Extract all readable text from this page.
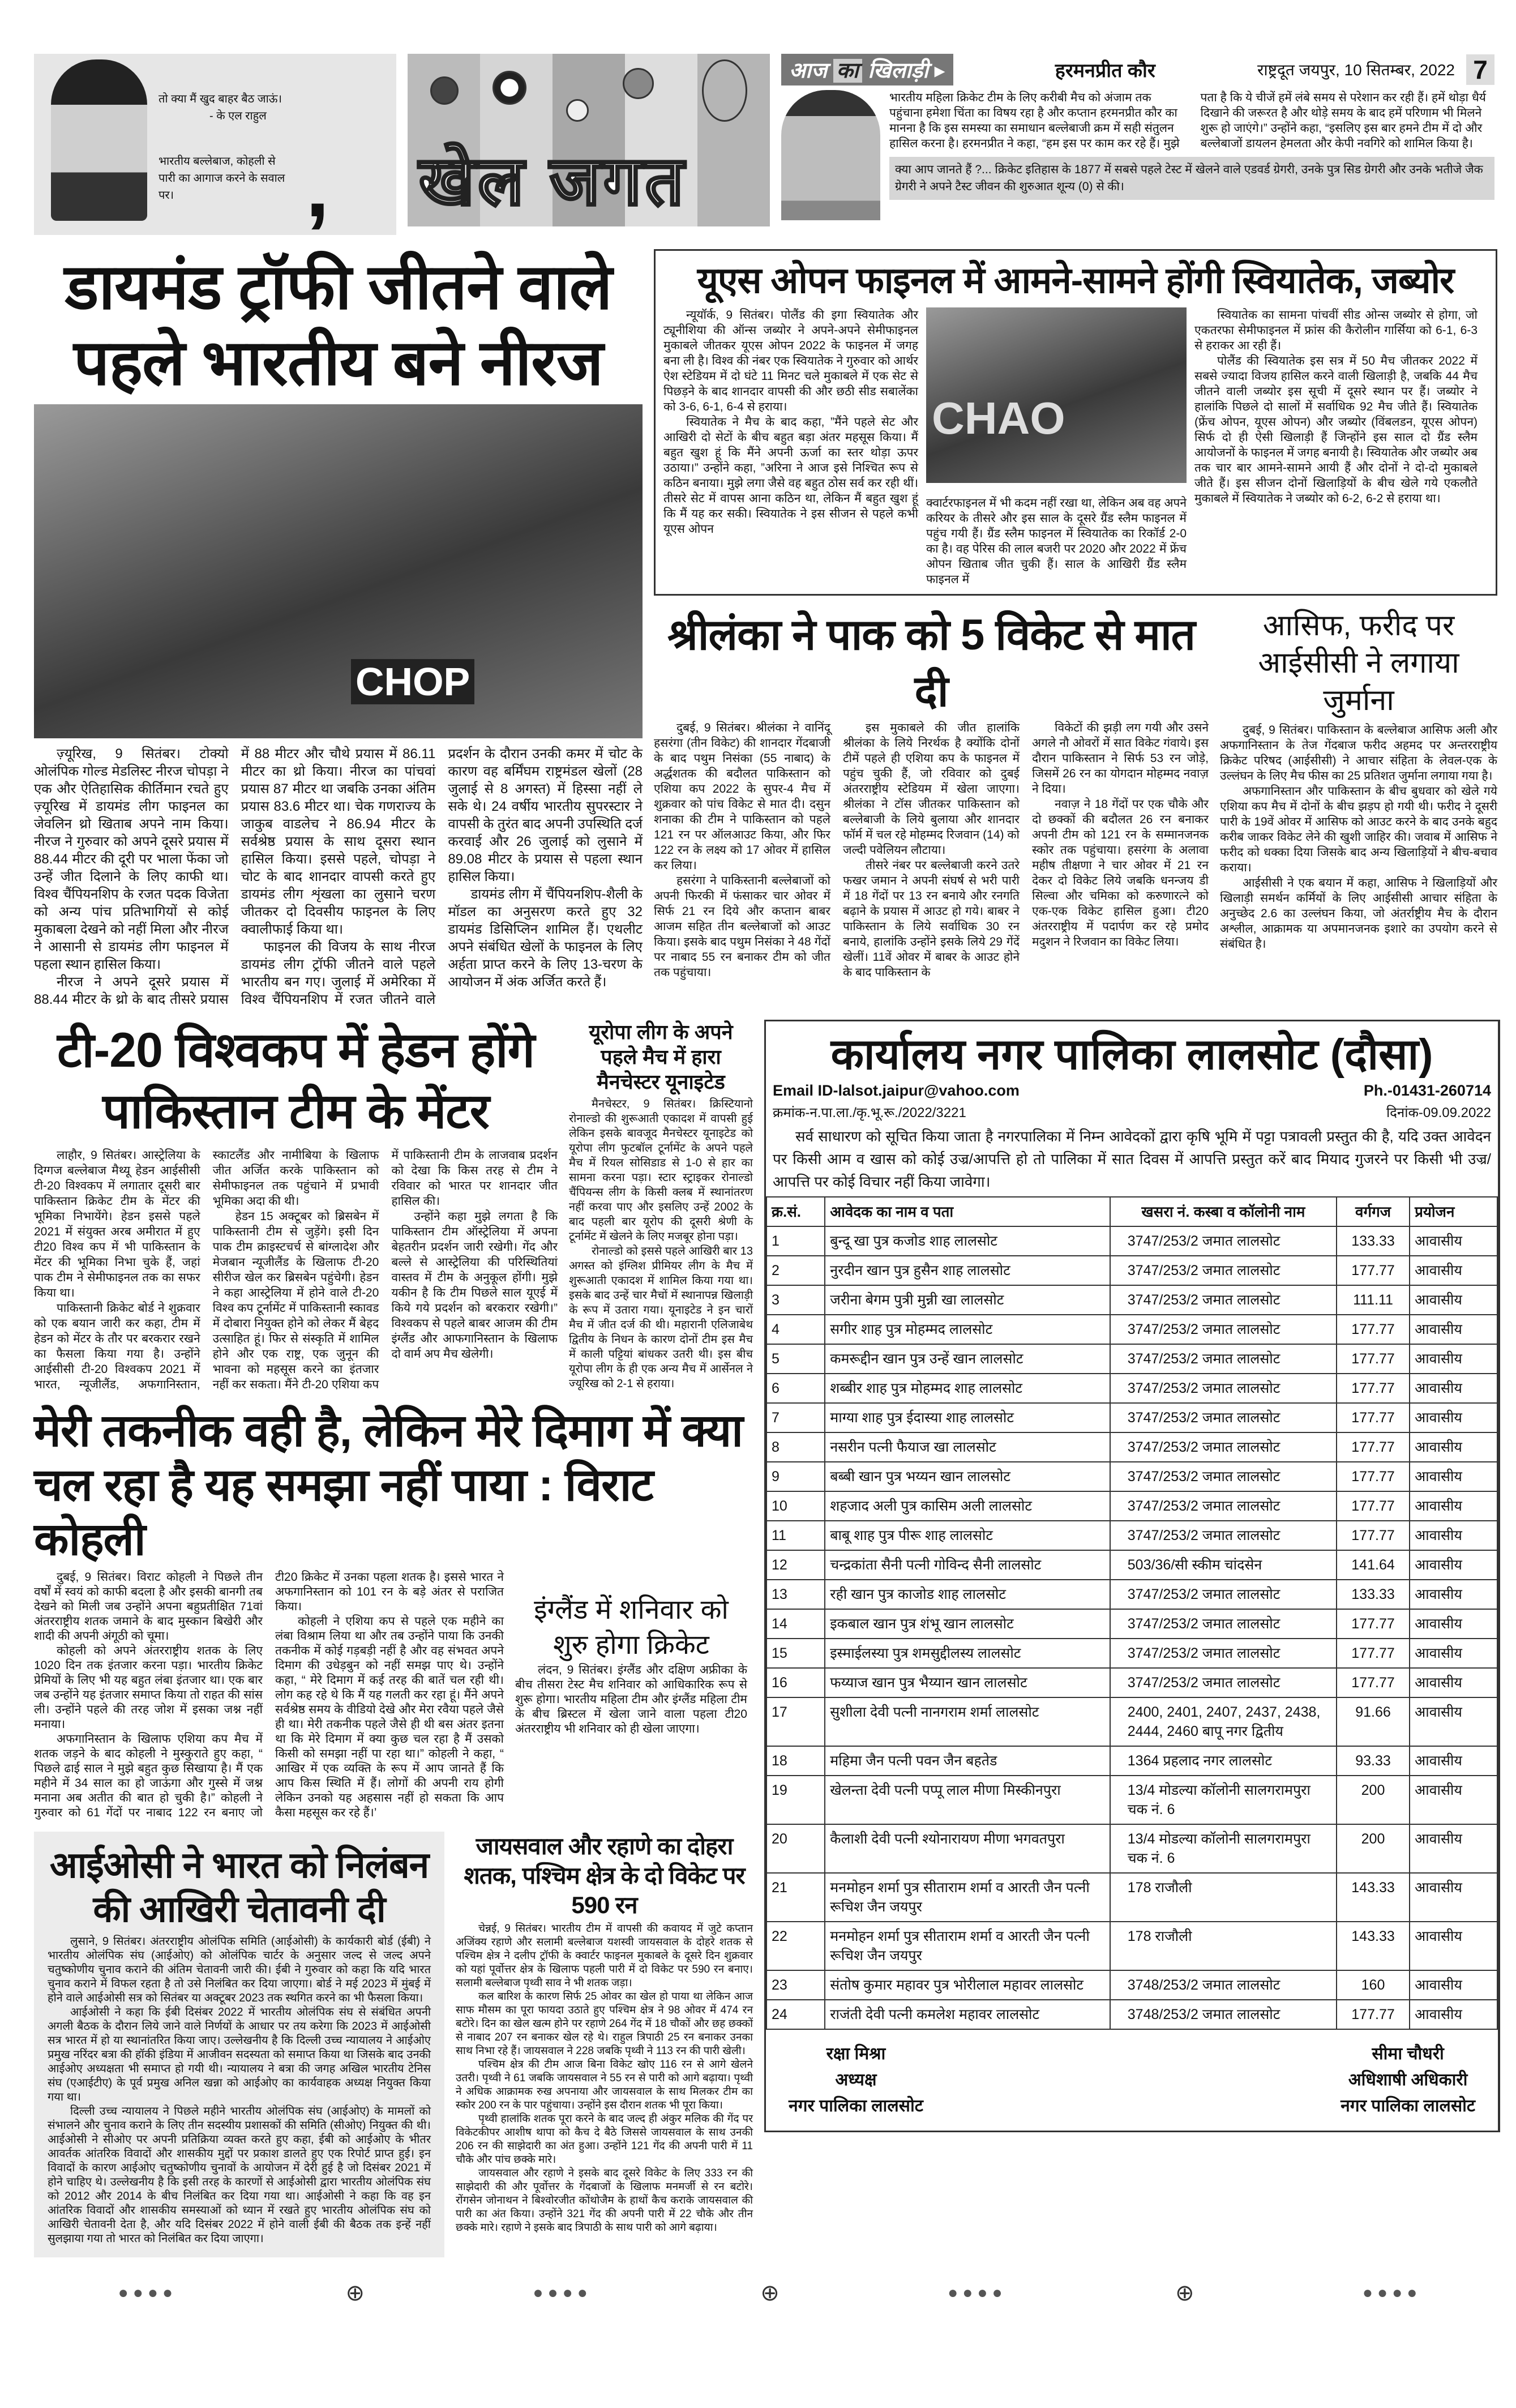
तो क्या मैं खुद बाहर बैठ जाऊं।
- के एल राहुल
भारतीय बल्लेबाज, कोहली से पारी का आगाज करने के सवाल पर।	, खेल जगत
आज का खिलाड़ी ▸	हरमनप्रीत कौर	राष्ट्रदूत जयपुर, 10 सितम्बर, 2022 7
भारतीय महिला क्रिकेट टीम के लिए करीबी मैच को अंजाम तक पहुंचाना हमेशा चिंता का विषय रहा है और कप्तान हरमनप्रीत कौर का मानना है कि इस समस्या का समाधान बल्लेबाजी क्रम में सही संतुलन हासिल करना है। हरमनप्रीत ने कहा, “हम इस पर काम कर रहे हैं। मुझे पता है कि ये चीजें हमें लंबे समय से परेशान कर रही हैं। हमें थोड़ा धैर्य दिखाने की जरूरत है और थोड़े समय के बाद हमें परिणाम भी मिलने शुरू हो जाएंगे।” उन्होंने कहा, “इसलिए इस बार हमने टीम में दो और बल्लेबाजों डायलन हेमलता और केपी नवगिरे को शामिल किया है।
क्या आप जानते हैं ?... क्रिकेट इतिहास के 1877 में सबसे पहले टेस्ट में खेलने वाले एडवर्ड ग्रेगरी, उनके पुत्र सिड ग्रेगरी और उनके भतीजे जैक ग्रेगरी ने अपने टैस्ट जीवन की शुरुआत शून्य (0) से की।
डायमंड ट्रॉफी जीतने वाले पहले भारतीय बने नीरज
CHOP

ज़्यूरिख, 9 सितंबर। टोक्यो ओलंपिक गोल्ड मेडलिस्ट नीरज चोपड़ा ने एक और ऐतिहासिक कीर्तिमान रचते हुए ज़्यूरिख में डायमंड लीग फाइनल का जेवलिन थ्रो खिताब अपने नाम किया। नीरज ने गुरुवार को अपने दूसरे प्रयास में 88.44 मीटर की दूरी पर भाला फेंका जो उन्हें जीत दिलाने के लिए काफी था। विश्व चैंपियनशिप के रजत पदक विजेता को अन्य पांच प्रतिभागियों से कोई मुकाबला देखने को नहीं मिला और नीरज ने आसानी से डायमंड लीग फाइनल में पहला स्थान हासिल किया।

नीरज ने अपने दूसरे प्रयास में 88.44 मीटर के थ्रो के बाद तीसरे प्रयास में 88 मीटर और चौथे प्रयास में 86.11 मीटर का थ्रो किया। नीरज का पांचवां प्रयास 87 मीटर था जबकि उनका अंतिम प्रयास 83.6 मीटर था। चेक गणराज्य के जाकुब वाडलेच ने 86.94 मीटर के सर्वश्रेष्ठ प्रयास के साथ दूसरा स्थान हासिल किया। इससे पहले, चोपड़ा ने चोट के बाद शानदार वापसी करते हुए डायमंड लीग शृंखला का लुसाने चरण जीतकर दो दिवसीय फाइनल के लिए क्वालीफाई किया था।

फाइनल की विजय के साथ नीरज डायमंड लीग ट्रॉफी जीतने वाले पहले भारतीय बन गए। जुलाई में अमेरिका में विश्व चैंपियनशिप में रजत जीतने वाले प्रदर्शन के दौरान उनकी कमर में चोट के कारण वह बर्मिंघम राष्ट्रमंडल खेलों (28 जुलाई से 8 अगस्त) में हिस्सा नहीं ले सके थे। 24 वर्षीय भारतीय सुपरस्टार ने वापसी के तुरंत बाद अपनी उपस्थिति दर्ज करवाई और 26 जुलाई को लुसाने में 89.08 मीटर के प्रयास से पहला स्थान हासिल किया।

डायमंड लीग में चैंपियनशिप-शैली के मॉडल का अनुसरण करते हुए 32 डायमंड डिसिप्लिन शामिल हैं। एथलीट अपने संबंधित खेलों के फाइनल के लिए अर्हता प्राप्त करने के लिए 13-चरण के आयोजन में अंक अर्जित करते हैं।

यूएस ओपन फाइनल में आमने-सामने होंगी स्वियातेक, जब्योर

न्यूयॉर्क, 9 सितंबर। पोलैंड की इगा स्वियातेक और ट्यूनीशिया की ऑन्स जब्योर ने अपने-अपने सेमीफाइनल मुकाबले जीतकर यूएस ओपन 2022 के फाइनल में जगह बना ली है। विश्व की नंबर एक स्वियातेक ने गुरुवार को आर्थर ऐश स्टेडियम में दो घंटे 11 मिनट चले मुकाबले में एक सेट से पिछड़ने के बाद शानदार वापसी की और छठी सीड सबालेंका को 3-6, 6-1, 6-4 से हराया।

स्वियातेक ने मैच के बाद कहा, ”मैंने पहले सेट और आखिरी दो सेटों के बीच बहुत बड़ा अंतर महसूस किया। मैं बहुत खुश हूं कि मैंने अपनी ऊर्जा का स्तर थोड़ा ऊपर उठाया।” उन्होंने कहा, ”अरिना ने आज इसे निश्चित रूप से कठिन बनाया। मुझे लगा जैसे वह बहुत ठोस सर्व कर रही थीं। तीसरे सेट में वापस आना कठिन था, लेकिन मैं बहुत खुश हूं कि मैं यह कर सकी। स्वियातेक ने इस सीजन से पहले कभी यूएस ओपन

CHAO
क्वार्टरफाइनल में भी कदम नहीं रखा था, लेकिन अब वह अपने करियर के तीसरे और इस साल के दूसरे ग्रैंड स्लैम फाइनल में पहुंच गयी हैं। ग्रैंड स्लैम फाइनल में स्वियातेक का रिकॉर्ड 2-0 का है। वह पेरिस की लाल बजरी पर 2020 और 2022 में फ्रेंच ओपन खिताब जीत चुकी हैं। साल के आखिरी ग्रैंड स्लैम फाइनल में

स्वियातेक का सामना पांचवीं सीड ओन्स जब्योर से होगा, जो एकतरफा सेमीफाइनल में फ्रांस की कैरोलीन गार्सिया को 6-1, 6-3 से हराकर आ रही हैं।

पोलैंड की स्वियातेक इस सत्र में 50 मैच जीतकर 2022 में सबसे ज्यादा विजय हासिल करने वाली खिलाड़ी है, जबकि 44 मैच जीतने वाली जब्योर इस सूची में दूसरे स्थान पर हैं। जब्योर ने हालांकि पिछले दो सालों में सर्वाधिक 92 मैच जीते हैं। स्वियातेक (फ्रेंच ओपन, यूएस ओपन) और जब्योर (विंबलडन, यूएस ओपन) सिर्फ दो ही ऐसी खिलाड़ी हैं जिन्होंने इस साल दो ग्रैंड स्लैम आयोजनों के फाइनल में जगह बनायी है। स्वियातेक और जब्योर अब तक चार बार आमने-सामने आयी हैं और दोनों ने दो-दो मुकाबले जीते हैं। इस सीजन दोनों खिलाड़ियों के बीच खेले गये एकलौते मुकाबले में स्वियातेक ने जब्योर को 6-2, 6-2 से हराया था।

श्रीलंका ने पाक को 5 विकेट से मात दी

दुबई, 9 सितंबर। श्रीलंका ने वानिंदू हसरंगा (तीन विकेट) की शानदार गेंदबाजी के बाद पथुम निसंका (55 नाबाद) के अर्द्धशतक की बदौलत पाकिस्तान को एशिया कप 2022 के सुपर-4 मैच में शुक्रवार को पांच विकेट से मात दी। दसुन शनाका की टीम ने पाकिस्तान को पहले 121 रन पर ऑलआउट किया, और फिर 122 रन के लक्ष्य को 17 ओवर में हासिल कर लिया।

हसरंगा ने पाकिस्तानी बल्लेबाजों को अपनी फिरकी में फंसाकर चार ओवर में सिर्फ 21 रन दिये और कप्तान बाबर आजम सहित तीन बल्लेबाजों को आउट किया। इसके बाद पथुम निसंका ने 48 गेंदों पर नाबाद 55 रन बनाकर टीम को जीत तक पहुंचाया।

इस मुकाबले की जीत हालांकि श्रीलंका के लिये निरर्थक है क्योंकि दोनों टीमें पहले ही एशिया कप के फाइनल में पहुंच चुकी हैं, जो रविवार को दुबई अंतरराष्ट्रीय स्टेडियम में खेला जाएगा। श्रीलंका ने टॉस जीतकर पाकिस्तान को बल्लेबाजी के लिये बुलाया और शानदार फॉर्म में चल रहे मोहम्मद रिजवान (14) को जल्दी पवेलियन लौटाया।

तीसरे नंबर पर बल्लेबाजी करने उतरे फखर जमान ने अपनी संघर्ष से भरी पारी में 18 गेंदों पर 13 रन बनाये और रनगति बढ़ाने के प्रयास में आउट हो गये। बाबर ने पाकिस्तान के लिये सर्वाधिक 30 रन बनाये, हालांकि उन्होंने इसके लिये 29 गेंदें खेलीं। 11वें ओवर में बाबर के आउट होने के बाद पाकिस्तान के

विकेटों की झड़ी लग गयी और उसने अगले नौ ओवरों में सात विकेट गंवाये। इस दौरान पाकिस्तान ने सिर्फ 53 रन जोड़े, जिसमें 26 रन का योगदान मोहम्मद नवाज़ ने दिया।

नवाज़ ने 18 गेंदों पर एक चौके और दो छक्कों की बदौलत 26 रन बनाकर अपनी टीम को 121 रन के सम्मानजनक स्कोर तक पहुंचाया। हसरंगा के अलावा महीष तीक्षणा ने चार ओवर में 21 रन देकर दो विकेट लिये जबकि धनन्जय डी सिल्वा और चमिका को करुणारत्ने को एक-एक विकेट हासिल हुआ। टी20 अंतरराष्ट्रीय में पदार्पण कर रहे प्रमोद मदुशन ने रिजवान का विकेट लिया।

आसिफ, फरीद पर आईसीसी ने लगाया जुर्माना

दुबई, 9 सितंबर। पाकिस्तान के बल्लेबाज आसिफ अली और अफगानिस्तान के तेज गेंदबाज फरीद अहमद पर अन्तरराष्ट्रीय क्रिकेट परिषद (आईसीसी) ने आचार संहिता के लेवल-एक के उल्लंघन के लिए मैच फीस का 25 प्रतिशत जुर्माना लगाया गया है।

अफगानिस्तान और पाकिस्तान के बीच बुधवार को खेले गये एशिया कप मैच में दोनों के बीच झड़प हो गयी थी। फरीद ने दूसरी पारी के 19वें ओवर में आसिफ को आउट करने के बाद उनके बहुद करीब जाकर विकेट लेने की खुशी जाहिर की। जवाब में आसिफ ने फरीद को धक्का दिया जिसके बाद अन्य खिलाड़ियों ने बीच-बचाव कराया।

आईसीसी ने एक बयान में कहा, आसिफ ने खिलाड़ियों और खिलाड़ी समर्थन कर्मियों के लिए आईसीसी आचार संहिता के अनुच्छेद 2.6 का उल्लंघन किया, जो अंतर्राष्ट्रीय मैच के दौरान अश्लील, आक्रामक या अपमानजनक इशारे का उपयोग करने से संबंधित है।

टी-20 विश्वकप में हेडन होंगे पाकिस्तान टीम के मेंटर

लाहौर, 9 सितंबर। आस्ट्रेलिया के दिग्गज बल्लेबाज मैथ्यू हेडन आईसीसी टी-20 विश्वकप में लगातार दूसरी बार पाकिस्तान क्रिकेट टीम के मेंटर की भूमिका निभायेंगे। हेडन इससे पहले 2021 में संयुक्त अरब अमीरात में हुए टी20 विश्व कप में भी पाकिस्तान के मेंटर की भूमिका निभा चुके हैं, जहां पाक टीम ने सेमीफाइनल तक का सफर किया था।

पाकिस्तानी क्रिकेट बोर्ड ने शुक्रवार को एक बयान जारी कर कहा, टीम में हेडन को मेंटर के तौर पर बरकरार रखने का फैसला किया गया है। उन्होंने आईसीसी टी-20 विश्वकप 2021 में भारत, न्यूजीलैंड, अफगानिस्तान, स्काटलैंड और नामीबिया के खिलाफ जीत अर्जित करके पाकिस्तान को सेमीफाइनल तक पहुंचाने में प्रभावी भूमिका अदा की थी।

हेडन 15 अक्टूबर को ब्रिसबेन में पाकिस्तानी टीम से जुड़ेंगे। इसी दिन पाक टीम क्राइस्टचर्च से बांग्लादेश और मेजबान न्यूजीलैंड के खिलाफ टी-20 सीरीज खेल कर ब्रिसबेन पहुंचेगी। हेडन ने कहा आस्ट्रेलिया में होने वाले टी-20 विश्व कप टूर्नामेंट में पाकिस्तानी स्कावड में दोबारा नियुक्त होने को लेकर मैं बेहद उत्साहित हूं। फिर से संस्कृति में शामिल होने और एक राष्ट्र, एक जुनून की भावना को महसूस करने का इंतजार नहीं कर सकता। मैंने टी-20 एशिया कप में पाकिस्तानी टीम के लाजवाब प्रदर्शन को देखा कि किस तरह से टीम ने रविवार को भारत पर शानदार जीत हासिल की।

उन्होंने कहा मुझे लगता है कि पाकिस्तान टीम ऑस्ट्रेलिया में अपना बेहतरीन प्रदर्शन जारी रखेगी। गेंद और बल्ले से आस्ट्रेलिया की परिस्थितियां वास्तव में टीम के अनुकूल होंगी। मुझे यकीन है कि टीम पिछले साल यूएई में किये गये प्रदर्शन को बरकरार रखेगी।” विश्वकप से पहले बाबर आजम की टीम इंग्लैंड और आफगानिस्तान के खिलाफ दो वार्म अप मैच खेलेगी।

यूरोपा लीग के अपने पहले मैच में हारा मैनचेस्टर यूनाइटेड

मैनचेस्टर, 9 सितंबर। क्रिस्टियानो रोनाल्डो की शुरूआती एकादश में वापसी हुई लेकिन इसके बावजूद मैनचेस्टर यूनाइटेड को यूरोपा लीग फुटबॉल टूर्नामेंट के अपने पहले मैच में रियल सोसिडाड से 1-0 से हार का सामना करना पड़ा। स्टार स्ट्राइकर रोनाल्डो चैंपियन्स लीग के किसी क्लब में स्थानांतरण नहीं करवा पाए और इसलिए उन्हें 2002 के बाद पहली बार यूरोप की दूसरी श्रेणी के टूर्नामेंट में खेलने के लिए मजबूर होना पड़ा।

रोनाल्डो को इससे पहले आखिरी बार 13 अगस्त को इंग्लिश प्रीमियर लीग के मैच में शुरूआती एकादश में शामिल किया गया था। इसके बाद उन्हें चार मैचों में स्थानापन्न खिलाड़ी के रूप में उतारा गया। यूनाइटेड ने इन चारों मैच में जीत दर्ज की थी। महारानी एलिजाबेथ द्वितीय के निधन के कारण दोनों टीम इस मैच में काली पट्टियां बांधकर उतरी थी। इस बीच यूरोपा लीग के ही एक अन्य मैच में आर्सेनल ने ज्यूरिख को 2-1 से हराया।

मेरी तकनीक वही है, लेकिन मेरे दिमाग में क्या चल रहा है यह समझा नहीं पाया : विराट कोहली

दुबई, 9 सितंबर। विराट कोहली ने पिछले तीन वर्षों में स्वयं को काफी बदला है और इसकी बानगी तब देखने को मिली जब उन्होंने अपना बहुप्रतीक्षित 71वां अंतरराष्ट्रीय शतक जमाने के बाद मुस्कान बिखेरी और शादी की अपनी अंगूठी को चूमा।

कोहली को अपने अंतरराष्ट्रीय शतक के लिए 1020 दिन तक इंतजार करना पड़ा। भारतीय क्रिकेट प्रेमियों के लिए भी यह बहुत लंबा इंतजार था। एक बार जब उन्होंने यह इंतजार समाप्त किया तो राहत की सांस ली। उन्होंने पहले की तरह जोश में इसका जश्न नहीं मनाया।

अफगानिस्तान के खिलाफ एशिया कप मैच में शतक जड़ने के बाद कोहली ने मुस्कुराते हुए कहा, “ पिछले ढाई साल ने मुझे बहुत कुछ सिखाया है। मैं एक महीने में 34 साल का हो जाऊंगा और गुस्से में जश्न मनाना अब अतीत की बात हो चुकी है।” कोहली ने गुरुवार को 61 गेंदों पर नाबाद 122 रन बनाए जो टी20 क्रिकेट में उनका पहला शतक है। इससे भारत ने अफगानिस्तान को 101 रन के बड़े अंतर से पराजित किया।

कोहली ने एशिया कप से पहले एक महीने का लंबा विश्राम लिया था और तब उन्होंने पाया कि उनकी तकनीक में कोई गड़बड़ी नहीं है और वह संभवत अपने दिमाग की उधेड़बुन को नहीं समझ पाए थे। उन्होंने कहा, “ मेरे दिमाग में कई तरह की बातें चल रही थी। लोग कह रहे थे कि मैं यह गलती कर रहा हूं। मैंने अपने सर्वश्रेष्ठ समय के वीडियो देखे और मेरा रवैया पहले जैसे ही था। मेरी तकनीक पहले जैसे ही थी बस अंतर इतना था कि मेरे दिमाग में क्या कुछ चल रहा है मैं उसको किसी को समझा नहीं पा रहा था।” कोहली ने कहा, “ आखिर में एक व्यक्ति के रूप में आप जानते हैं कि आप किस स्थिति में हैं। लोगों की अपनी राय होगी लेकिन उनको यह अहसास नहीं हो सकता कि आप कैसा महसूस कर रहे हैं।’

इंग्लैंड में शनिवार को शुरु होगा क्रिकेट
लंदन, 9 सितंबर। इंग्लैंड और दक्षिण अफ्रीका के बीच तीसरा टेस्ट मैच शनिवार को आधिकारिक रूप से शुरू होगा। भारतीय महिला टीम और इंग्लैंड महिला टीम के बीच ब्रिस्टल में खेला जाने वाला पहला टी20 अंतरराष्ट्रीय भी शनिवार को ही खेला जाएगा।
आईओसी ने भारत को निलंबन की आखिरी चेतावनी दी

लुसाने, 9 सितंबर। अंतरराष्ट्रीय ओलंपिक समिति (आईओसी) के कार्यकारी बोर्ड (ईबी) ने भारतीय ओलंपिक संघ (आईओए) को ओलंपिक चार्टर के अनुसार जल्द से जल्द अपने चतुष्कोणीय चुनाव कराने की अंतिम चेतावनी जारी की। ईबी ने गुरुवार को कहा कि यदि भारत चुनाव कराने में विफल रहता है तो उसे निलंबित कर दिया जाएगा। बोर्ड ने मई 2023 में मुंबई में होने वाले आईओसी सत्र को सितंबर या अक्टूबर 2023 तक स्थगित करने का भी फैसला किया।

आईओसी ने कहा कि ईबी दिसंबर 2022 में भारतीय ओलंपिक संघ से संबंधित अपनी अगली बैठक के दौरान लिये जाने वाले निर्णयों के आधार पर तय करेगा कि 2023 में आईओसी सत्र भारत में हो या स्थानांतरित किया जाए। उल्लेखनीय है कि दिल्ली उच्च न्यायालय ने आईओए प्रमुख नरिंदर बत्रा की हॉकी इंडिया में आजीवन सदस्यता को समाप्त किया था जिसके बाद उनकी आईओए अध्यक्षता भी समाप्त हो गयी थी। न्यायालय ने बत्रा की जगह अखिल भारतीय टेनिस संघ (एआईटीए) के पूर्व प्रमुख अनिल खन्ना को आईओए का कार्यवाहक अध्यक्ष नियुक्त किया गया था।

दिल्ली उच्च न्यायालय ने पिछले महीने भारतीय ओलंपिक संघ (आईओए) के मामलों को संभालने और चुनाव कराने के लिए तीन सदस्यीय प्रशासकों की समिति (सीओए) नियुक्त की थी। आईओसी ने सीओए पर अपनी प्रतिक्रिया व्यक्त करते हुए कहा, ईबी को आईओए के भीतर आवर्तक आंतरिक विवादों और शासकीय मुद्दों पर प्रकाश डालते हुए एक रिपोर्ट प्राप्त हुई। इन विवादों के कारण आईओए चतुष्कोणीय चुनावों के आयोजन में देरी हुई है जो दिसंबर 2021 में होने चाहिए थे। उल्लेखनीय है कि इसी तरह के कारणों से आईओसी द्वारा भारतीय ओलंपिक संघ को 2012 और 2014 के बीच निलंबित कर दिया गया था। आईओसी ने कहा कि वह इन आंतरिक विवादों और शासकीय समस्याओं को ध्यान में रखते हुए भारतीय ओलंपिक संघ को आखिरी चेतावनी देता है, और यदि दिसंबर 2022 में होने वाली ईबी की बैठक तक इन्हें नहीं सुलझाया गया तो भारत को निलंबित कर दिया जाएगा।

जायसवाल और रहाणे का दोहरा शतक, पश्चिम क्षेत्र के दो विकेट पर 590 रन

चेन्नई, 9 सितंबर। भारतीय टीम में वापसी की कवायद में जुटे कप्तान अजिंक्य रहाणे और सलामी बल्लेबाज यशस्वी जायसवाल के दोहरे शतक से पश्चिम क्षेत्र ने दलीप ट्रॉफी के क्वार्टर फाइनल मुकाबले के दूसरे दिन शुक्रवार को यहां पूर्वोत्तर क्षेत्र के खिलाफ पहली पारी में दो विकेट पर 590 रन बनाए। सलामी बल्लेबाज पृथ्वी साव ने भी शतक जड़ा।

कल बारिश के कारण सिर्फ 25 ओवर का खेल हो पाया था लेकिन आज साफ मौसम का पूरा फायदा उठाते हुए पश्चिम क्षेत्र ने 98 ओवर में 474 रन बटोरे। दिन का खेल खत्म होने पर रहाणे 264 गेंद में 18 चौकों और छह छक्कों से नाबाद 207 रन बनाकर खेल रहे थे। राहुल त्रिपाठी 25 रन बनाकर उनका साथ निभा रहे हैं। जायसवाल ने 228 जबकि पृथ्वी ने 113 रन की पारी खेली।

पश्चिम क्षेत्र की टीम आज बिना विकेट खोए 116 रन से आगे खेलने उतरी। पृथ्वी ने 61 जबकि जायसवाल ने 55 रन से पारी को आगे बढ़ाया। पृथ्वी ने अधिक आक्रामक रुख अपनाया और जायसवाल के साथ मिलकर टीम का स्कोर 200 रन के पार पहुंचाया। उन्होंने इस दौरान शतक भी पूरा किया।

पृथ्वी हालांकि शतक पूरा करने के बाद जल्द ही अंकुर मलिक की गेंद पर विकेटकीपर आशीष थापा को कैच दे बैठे जिससे जायसवाल के साथ उनकी 206 रन की साझेदारी का अंत हुआ। उन्होंने 121 गेंद की अपनी पारी में 11 चौके और पांच छक्के मारे।

जायसवाल और रहाणे ने इसके बाद दूसरे विकेट के लिए 333 रन की साझेदारी की और पूर्वोत्तर के गेंदबाजों के खिलाफ मनमर्जी से रन बटोरे। रोंगसेन जोनाथन ने बिश्वोरजीत कोंथोजैम के हाथों कैच कराके जायसवाल की पारी का अंत किया। उन्होंने 321 गेंद की अपनी पारी में 22 चौके और तीन छक्के मारे। रहाणे ने इसके बाद त्रिपाठी के साथ पारी को आगे बढ़ाया।

कार्यालय नगर पालिका लालसोट (दौसा)
Email ID-lalsot.jaipur@vahoo.com	Ph.-01431-260714
क्रमांक-न.पा.ला./कृ.भू.रू./2022/3221	दिनांक-09.09.2022
सर्व साधारण को सूचित किया जाता है नगरपालिका में निम्न आवेदकों द्वारा कृषि भूमि में पट्टा पत्रावली प्रस्तुत की है, यदि उक्त आवेदन पर किसी आम व खास को कोई उज्र/आपत्ति हो तो पालिका में सात दिवस में आपत्ति प्रस्तुत करें बाद मियाद गुजरने पर किसी भी उज्र/आपत्ति पर कोई विचार नहीं किया जावेगा।
क्र.सं.	आवेदक का नाम व पता	खसरा नं. कस्बा व कॉलोनी नाम	वर्गगज	प्रयोजन
1	बुन्दू खा पुत्र कजोड शाह लालसोट	3747/253/2 जमात लालसोट	133.33	आवासीय
2	नुरदीन खान पुत्र हुसैन शाह लालसोट	3747/253/2 जमात लालसोट	177.77	आवासीय
3	जरीना बेगम पुत्री मुन्नी खा लालसोट	3747/253/2 जमात लालसोट	111.11	आवासीय
4	सगीर शाह पुत्र मोहम्मद लालसोट	3747/253/2 जमात लालसोट	177.77	आवासीय
5	कमरूद्दीन खान पुत्र उन्हें खान लालसोट	3747/253/2 जमात लालसोट	177.77	आवासीय
6	शब्बीर शाह पुत्र मोहम्मद शाह लालसोट	3747/253/2 जमात लालसोट	177.77	आवासीय
7	माग्या शाह पुत्र ईदास्या शाह लालसोट	3747/253/2 जमात लालसोट	177.77	आवासीय
8	नसरीन पत्नी फैयाज खा लालसोट	3747/253/2 जमात लालसोट	177.77	आवासीय
9	बब्बी खान पुत्र भय्यन खान लालसोट	3747/253/2 जमात लालसोट	177.77	आवासीय
10	शहजाद अली पुत्र कासिम अली लालसोट	3747/253/2 जमात लालसोट	177.77	आवासीय
11	बाबू शाह पुत्र पीरू शाह लालसोट	3747/253/2 जमात लालसोट	177.77	आवासीय
12	चन्द्रकांता सैनी पत्नी गोविन्द सैनी लालसोट	503/36/सी स्कीम चांदसेन	141.64	आवासीय
13	रही खान पुत्र काजोड शाह लालसोट	3747/253/2 जमात लालसोट	133.33	आवासीय
14	इकबाल खान पुत्र शंभू खान लालसोट	3747/253/2 जमात लालसोट	177.77	आवासीय
15	इस्माईलस्या पुत्र शमसुद्दीलस्य लालसोट	3747/253/2 जमात लालसोट	177.77	आवासीय
16	फय्याज खान पुत्र भैय्यान खान लालसोट	3747/253/2 जमात लालसोट	177.77	आवासीय
17	सुशीला देवी पत्नी नानगराम शर्मा लालसोट	2400, 2401, 2407, 2437, 2438, 2444, 2460 बापू नगर द्वितीय	91.66	आवासीय
18	महिमा जैन पत्नी पवन जैन बहतेड	1364 प्रहलाद नगर लालसोट	93.33	आवासीय
19	खेलन्ता देवी पत्नी पप्पू लाल मीणा मिस्कीनपुरा	13/4 मोडल्या कॉलोनी सालगरामपुरा चक नं. 6	200	आवासीय
20	कैलाशी देवी पत्नी श्योनारायण मीणा भगवतपुरा	13/4 मोडल्या कॉलोनी सालगरामपुरा चक नं. 6	200	आवासीय
21	मनमोहन शर्मा पुत्र सीताराम शर्मा व आरती जैन पत्नी रूचिश जैन जयपुर	178 राजौली	143.33	आवासीय
22	मनमोहन शर्मा पुत्र सीताराम शर्मा व आरती जैन पत्नी रूचिश जैन जयपुर	178 राजौली	143.33	आवासीय
23	संतोष कुमार महावर पुत्र भोरीलाल महावर लालसोट	3748/253/2 जमात लालसोट	160	आवासीय
24	राजंती देवी पत्नी कमलेश महावर लालसोट	3748/253/2 जमात लालसोट	177.77	आवासीय
रक्षा मिश्रा
अध्यक्ष
नगर पालिका लालसोट
सीमा चौधरी
अधिशाषी अधिकारी
नगर पालिका लालसोट
●●●●	⊕	●●●●	⊕	●●●●	⊕	●●●●
